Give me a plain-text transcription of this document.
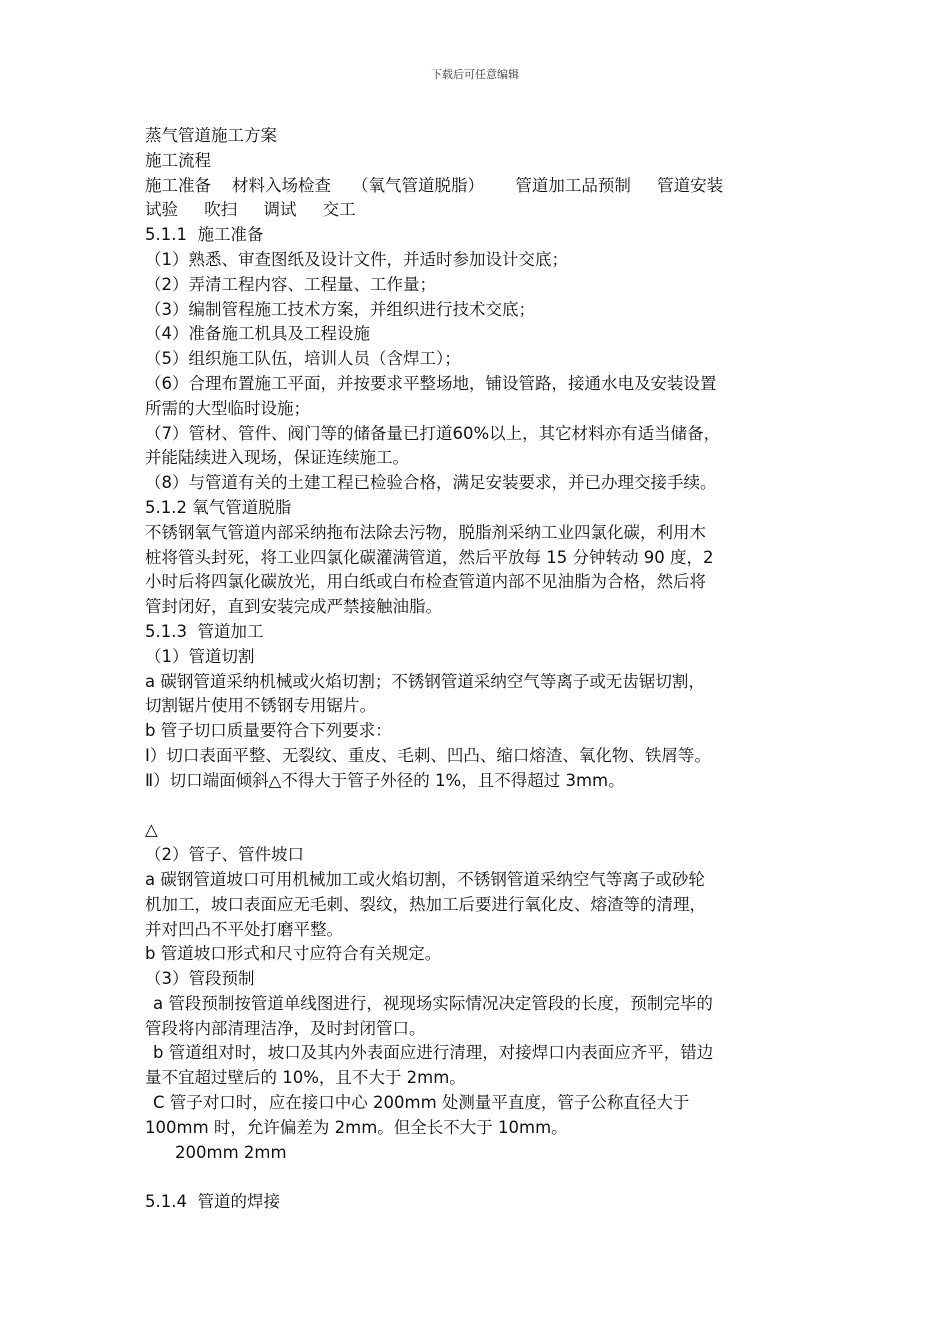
下载后可任意编辑
蒸气管道施工方案
施工流程
施工准备    材料入场检查    （氧气管道脱脂）      管道加工品预制     管道安装
试验     吹扫     调试     交工
5.1.1  施工准备
（1）熟悉、审查图纸及设计文件，并适时参加设计交底；
（2）弄清工程内容、工程量、工作量；
（3）编制管程施工技术方案，并组织进行技术交底；
（4）准备施工机具及工程设施
（5）组织施工队伍，培训人员（含焊工）；
（6）合理布置施工平面，并按要求平整场地，铺设管路，接通水电及安装设置
所需的大型临时设施；
（7）管材、管件、阀门等的储备量已打道60%以上，其它材料亦有适当储备，
并能陆续进入现场，保证连续施工。
（8）与管道有关的土建工程已检验合格，满足安装要求，并已办理交接手续。
5.1.2 氧气管道脱脂
不锈钢氧气管道内部采纳拖布法除去污物，脱脂剂采纳工业四氯化碳，利用木
桩将管头封死，将工业四氯化碳灌满管道，然后平放每 15 分钟转动 90 度，2
小时后将四氯化碳放光，用白纸或白布检查管道内部不见油脂为合格，然后将
管封闭好，直到安装完成严禁接触油脂。
5.1.3  管道加工
（1）管道切割
a 碳钢管道采纳机械或火焰切割；不锈钢管道采纳空气等离子或无齿锯切割，
切割锯片使用不锈钢专用锯片。
b 管子切口质量要符合下列要求：
Ⅰ）切口表面平整、无裂纹、重皮、毛刺、凹凸、缩口熔渣、氧化物、铁屑等。
Ⅱ）切口端面倾斜△不得大于管子外径的 1%，且不得超过 3mm。
△
（2）管子、管件坡口
a 碳钢管道坡口可用机械加工或火焰切割，不锈钢管道采纳空气等离子或砂轮
机加工，坡口表面应无毛刺、裂纹，热加工后要进行氧化皮、熔渣等的清理，
并对凹凸不平处打磨平整。
b 管道坡口形式和尺寸应符合有关规定。
（3）管段预制
a 管段预制按管道单线图进行，视现场实际情况决定管段的长度，预制完毕的
管段将内部清理洁净，及时封闭管口。
b 管道组对时，坡口及其内外表面应进行清理，对接焊口内表面应齐平，错边
量不宜超过壁后的 10%，且不大于 2mm。
C 管子对口时，应在接口中心 200mm 处测量平直度，管子公称直径大于
100mm 时，允许偏差为 2mm。但全长不大于 10mm。
200mm 2mm
5.1.4  管道的焊接
